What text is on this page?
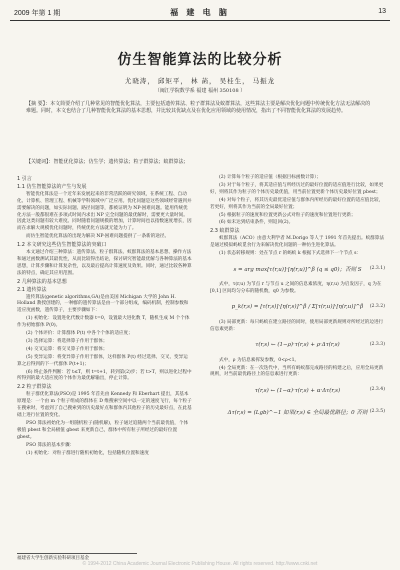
2009 年第 1 期	福 建 电 脑	13
仿生智能算法的比较分析
尤晓涛， 邱矩平， 林 菡， 吴桂生， 马振龙
（闽江学院数学系 福建 福州 350108 ）
【摘 要】：本文简要介绍了几种常见的智能优化算法，主要包括遗传算法、粒子群算法及蚁群算法，这些算法主要是解决优化问题中传统优化方法无法解决的难题。同时，本文也结合了几种智能优化算法的基本思想，并比较其优缺点及在优化应用领域的使用情况，指出了不同智能优化算法的发展趋势。
【关键词】：智能优化算法；仿生学；遗传算法；粒子群算法；蚁群算法；
1 引言
1.1 仿生智能算法的产生与发展
智能优化算法是一个近年来发展起来的非常活跃的研究领域，在系统工程、自动化、计算机、管理工程、机械等学科领域中广泛应用。优化问题是这些领域经常遇到并需要解决的问题，如实际问题、路径问题等，都被证明为 NP-困难问题。能用传统优化方法一般都很难在多项式时间内求出 NP 完全问题的最优解时，需要更大量时间。因此这类问题有较大难度。同时随着问题规模的增加，计算时间也以指数速度增长，因而在求解大规模优化问题时，传统优化方法就无能为力了。
而仿生智能优化算法的出现为解决 NP-困难问题提供了一条新的途径。
1.2 本文研究这些仿生智能算法的突破口
本文通过介绍三种算法：遗传算法、粒子群算法、蚁群算法的基本思想、操作方法和通过函数测试其最优性，从而比较得出结论，探讨研究智能最优解与各种算法的基本思想，计算步骤和计算复杂性，以及最后提高计算速度及效果。同时，通过比较各种算法的特点，确定其应用范围。
2 几种算法的基本思想
2.1 遗传算法
遗传算法(genetic algorithms,GA)是由美国 Michigan 大学的 John H. Holland 教授创建的，一种群的遗传算法是由一个部分组成，编码机制，控制参数和适应度函数，遗传算子，主要步骤如下：
(1) 初始化：设置进化代数计数器 t=0，设置最大进化数 T，随机生成 M 个个体作为初始群体 P(0)。
(2) 个体评价：计算群体 P(t) 中各个个体的适应度；
(3) 选择运算：将选择算子作用于群体；
(4) 交叉运算：将交叉算子作用于群体；
(5) 变异运算：将变异算子作用于群体，这样群体 P(t) 经过选择、交叉、变异运算之后得到的下一代群体 P(t+1)；
(6) 终止条件判断：若 t≤T，则 t=t+1，转到第(2)步；若 t>T，则以进化过程中所得到的最大适应度的个体作为最优解输出，停止计算。
2.2 粒子群算法
粒子群优化算法(PSO)是 1995 年首先由 Kennedy 和 Eberhart 提出，其基本原理是：一个由 m 个粒子组成的群体在 D 维搜索空间中以一定的速度飞行，每个粒子在搜索时，考虑到了自己搜索到的历史最好点和群体内其他粒子的历史最好点，在此基础上进行位置的变化。
PSO 算法初始化为一组随机粒子(随机解)，粒子通过追随两个当前最优值，个体极值 pbest 和全局极值 gbest 来更新自己，群体中所有粒子所经过的最好位置 gbest。
PSO 算法的基本步骤：
(1) 初始化：对粒子群进行随机初始化，包括随机位置和速度
(2) 计算每个粒子的适应值（根据目标函数计算）；
(3) 对于每个粒子，将其适应值与所经历过的最好位置的适应值进行比较，如果更好，则将其作为粒子的个体历史最优值，用当前位置更新个体历史最好位置 pbest；
(4) 对每个粒子，将其历史最优适应值与群体内所经历的最好位置的适应值比较，若更好，则将其作为当前的全局最好位置；
(5) 根据粒子的速度和位置更新公式对粒子的速度和位置进行更新；
(6) 如未达到结束条件，则返回(2)。
2.3 蚁群算法
蚁群算法（ACO）由意大利学者 M.Dorigo 等人于 1991 年首先提出。蚁群算法是通过模拟蚂蚁觅食行为来解决优化问题的一种仿生进化算法。
(1) 状态转移规则：处在节点 r 的蚂蚁 k 根据下式选择下一个节点 s：
s = arg max[τ(r,u)]·[η(r,u)]^β (q ≤ q0)；否则 S (2.3.1)
式中，τ(r,u) 为节点 r 与节点 u 之间的信息素浓度，η(r,u) 为启发因子，q 为在 [0,1] 区间均匀分布的随机数，q0 为参数。
p_k(r,s) = [τ(r,s)]·[η(r,s)]^β / Σ[τ(r,u)]·[η(r,u)]^β (2.3.2)
(3) 局部更新：每只蚂蚁在建立路径的同时，使用局部更新规则对所经过的边进行信息素更新：
τ(r,s) ← (1−ρ)·τ(r,s) + ρ·Δτ(r,s)	(2.3.3)
式中，ρ 为信息素挥发参数，0<ρ<1。
(4) 全局更新：在一次迭代中，当所有蚂蚁都完成路径的构建之后，应用全局更新规则，对当前最优路径上的信息素进行更新：
τ(r,s) ← (1−α)·τ(r,s) + α·Δτ(r,s)	(2.3.4)
Δτ(r,s) = (Lgb)^−1 如果(r,s) ∈ 全局最优路径；0 否则 (2.3.5)
福建省大学生创新实验科研项目基金
© 1994-2012 China Academic Journal Electronic Publishing House. All rights reserved. http://www.cnki.net
